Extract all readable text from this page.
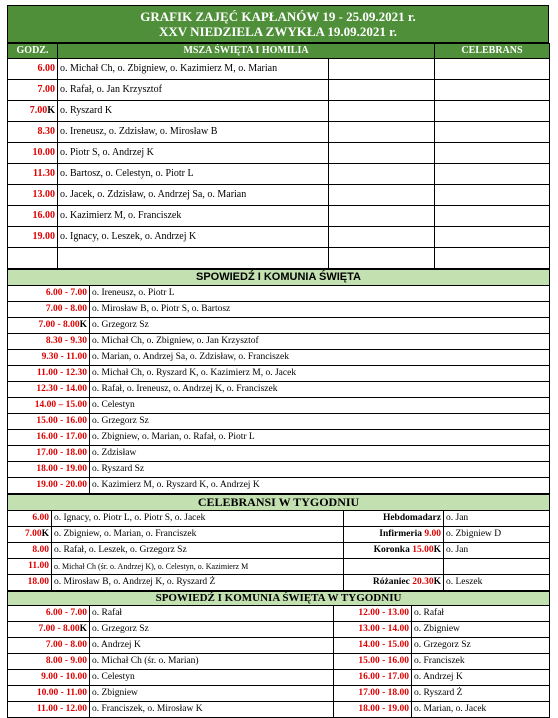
GRAFIK ZAJĘĆ KAPŁANÓW 19 - 25.09.2021 r.
XXV NIEDZIELA ZWYKŁA 19.09.2021 r.
GODZ.	MSZA ŚWIĘTA I HOMILIA		CELEBRANS
6.00	o. Michał Ch, o. Zbigniew, o. Kazimierz M, o. Marian		
7.00	o. Rafał, o. Jan Krzysztof		
7.00K	o. Ryszard K		
8.30	o. Ireneusz, o. Zdzisław, o. Mirosław B		
10.00	o. Piotr S, o. Andrzej K		
11.30	o. Bartosz, o. Celestyn, o. Piotr L		
13.00	o. Jacek, o. Zdzisław, o. Andrzej Sa, o. Marian		
16.00	o. Kazimierz M, o. Franciszek		
19.00	o. Ignacy, o. Leszek, o. Andrzej K		

SPOWIEDŹ I KOMUNIA ŚWIĘTA	
6.00 - 7.00	o. Ireneusz, o. Piotr L
7.00 - 8.00	o. Mirosław B, o. Piotr S, o. Bartosz
7.00 - 8.00K	o. Grzegorz Sz
8.30 - 9.30	o. Michał Ch, o. Zbigniew, o. Jan Krzysztof
9.30 - 11.00	o. Marian, o. Andrzej Sa, o. Zdzisław, o. Franciszek
11.00 - 12.30	o. Michał Ch, o. Ryszard K, o. Kazimierz M, o. Jacek
12.30 - 14.00	o. Rafał, o. Ireneusz, o. Andrzej K, o. Franciszek
14.00 – 15.00	o. Celestyn
15.00 - 16.00	o. Grzegorz Sz
16.00 - 17.00	o. Zbigniew, o. Marian, o. Rafał, o. Piotr L
17.00 - 18.00	o. Zdzisław
18.00 - 19.00	o. Ryszard Sz
19.00 - 20.00	o. Kazimierz M, o. Ryszard K, o. Andrzej K
CELEBRANSI W TYGODNIU			
6.00	o. Ignacy, o. Piotr L, o. Piotr S, o. Jacek	Hebdomadarz	o. Jan
7.00K	o. Zbigniew, o. Marian, o. Franciszek	Infirmeria 9.00	o. Zbigniew D
8.00	o. Rafał, o. Leszek, o. Grzegorz Sz	Koronka 15.00K	o. Jan
11.00	o. Michał Ch (śr. o. Andrzej K), o. Celestyn, o. Kazimierz M		
18.00	o. Mirosław B, o. Andrzej K, o. Ryszard Ż	Różaniec 20.30K	o. Leszek
SPOWIEDŹ I KOMUNIA ŚWIĘTA W TYGODNIU			
6.00 - 7.00	o. Rafał	12.00 - 13.00	o. Rafał
7.00 - 8.00K	o. Grzegorz Sz	13.00 - 14.00	o. Zbigniew
7.00 - 8.00	o. Andrzej K	14.00 - 15.00	o. Grzegorz Sz
8.00 - 9.00	o. Michał Ch (śr. o. Marian)	15.00 - 16.00	o. Franciszek
9.00 - 10.00	o. Celestyn	16.00 - 17.00	o. Andrzej K
10.00 - 11.00	o. Zbigniew	17.00 - 18.00	o. Ryszard Ż
11.00 - 12.00	o. Franciszek, o. Mirosław K	18.00 - 19.00	o. Marian, o. Jacek
